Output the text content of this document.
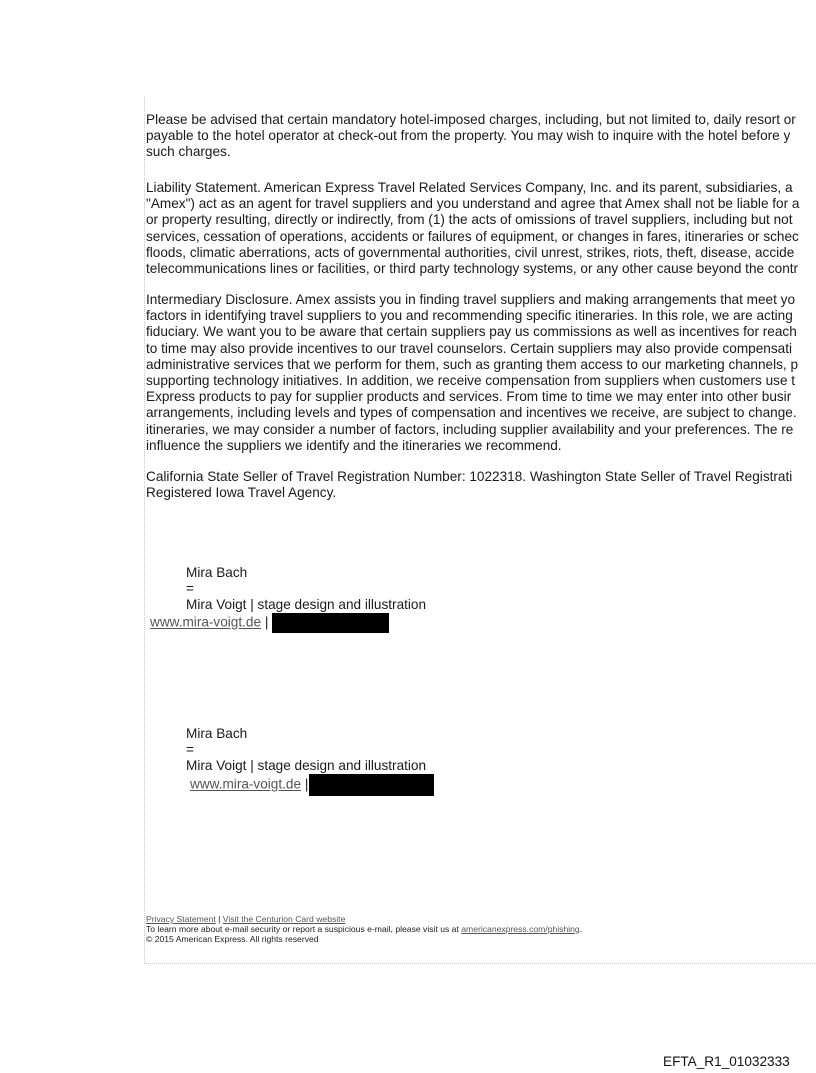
Please be advised that certain mandatory hotel-imposed charges, including, but not limited to, daily resort or
payable to the hotel operator at check-out from the property. You may wish to inquire with the hotel before y
such charges.
Liability Statement. American Express Travel Related Services Company, Inc. and its parent, subsidiaries, a
"Amex") act as an agent for travel suppliers and you understand and agree that Amex shall not be liable for a
or property resulting, directly or indirectly, from (1) the acts of omissions of travel suppliers, including but not
services, cessation of operations, accidents or failures of equipment, or changes in fares, itineraries or schec
floods, climatic aberrations, acts of governmental authorities, civil unrest, strikes, riots, theft, disease, accide
telecommunications lines or facilities, or third party technology systems, or any other cause beyond the contr
Intermediary Disclosure. Amex assists you in finding travel suppliers and making arrangements that meet yo
factors in identifying travel suppliers to you and recommending specific itineraries. In this role, we are acting
fiduciary. We want you to be aware that certain suppliers pay us commissions as well as incentives for reach
to time may also provide incentives to our travel counselors. Certain suppliers may also provide compensati
administrative services that we perform for them, such as granting them access to our marketing channels, p
supporting technology initiatives. In addition, we receive compensation from suppliers when customers use t
Express products to pay for supplier products and services. From time to time we may enter into other busir
arrangements, including levels and types of compensation and incentives we receive, are subject to change.
itineraries, we may consider a number of factors, including supplier availability and your preferences. The re
influence the suppliers we identify and the itineraries we recommend.
California State Seller of Travel Registration Number: 1022318. Washington State Seller of Travel Registrati
Registered Iowa Travel Agency.
Mira Bach
=
Mira Voigt | stage design and illustration
www.mira-voigt.de |
Mira Bach
=
Mira Voigt | stage design and illustration
www.mira-voigt.de |
Privacy Statement | Visit the Centurion Card website
To learn more about e-mail security or report a suspicious e-mail, please visit us at americanexpress.com/phishing.
© 2015 American Express. All rights reserved
EFTA_R1_01032333
